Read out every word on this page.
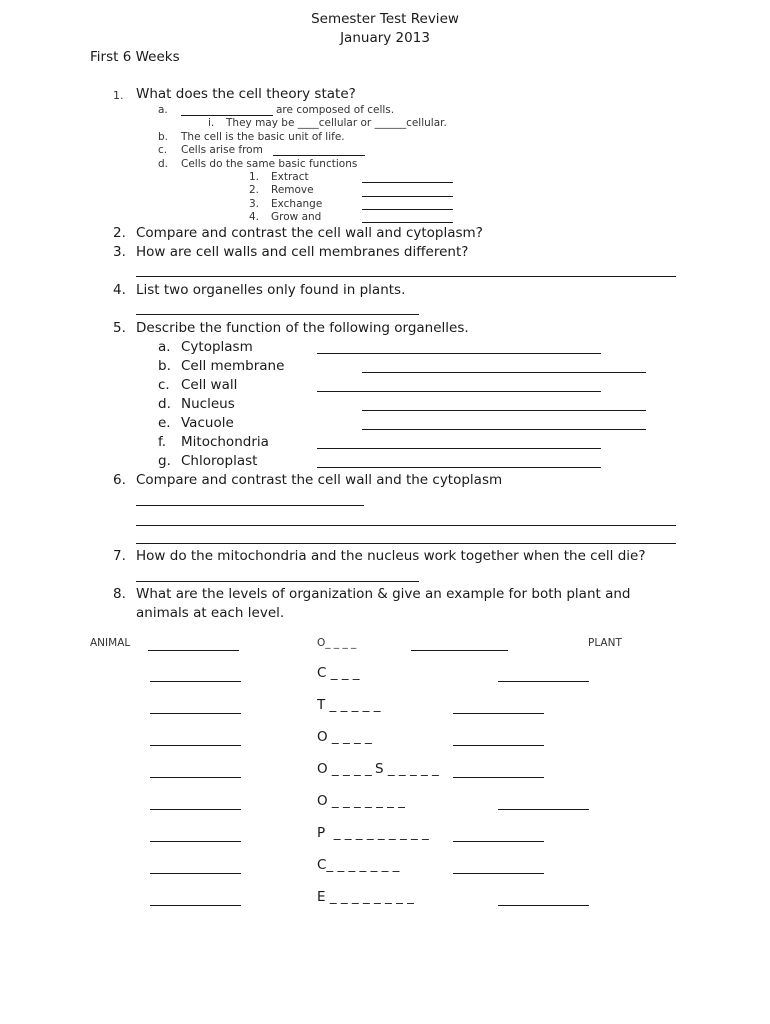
Semester Test Review
January 2013
First 6 Weeks
1. What does the cell theory state?
a.	are composed of cells.
i. They may be ____cellular or ______cellular.
b. The cell is the basic unit of life.
c. Cells arise from
d. Cells do the same basic functions
1. Extract
2. Remove
3. Exchange
4. Grow and
2. Compare and contrast the cell wall and cytoplasm?
3. How are cell walls and cell membranes different?
4. List two organelles only found in plants.
5. Describe the function of the following organelles.
a. Cytoplasm
b. Cell membrane
c. Cell wall
d. Nucleus
e. Vacuole
f. Mitochondria
g. Chloroplast
6. Compare and contrast the cell wall and the cytoplasm
7. How do the mitochondria and the nucleus work together when the cell die?
8. What are the levels of organization & give an example for both plant and
animals at each level.
ANIMAL	PLANT
O_ _ _ _
C _ _ _
T _ _ _ _ _
O _ _ _ _
O _ _ _ _ S _ _ _ _ _
O _ _ _ _ _ _ _
P  _ _ _ _ _ _ _ _ _
C_ _ _ _ _ _ _
E _ _ _ _ _ _ _ _
